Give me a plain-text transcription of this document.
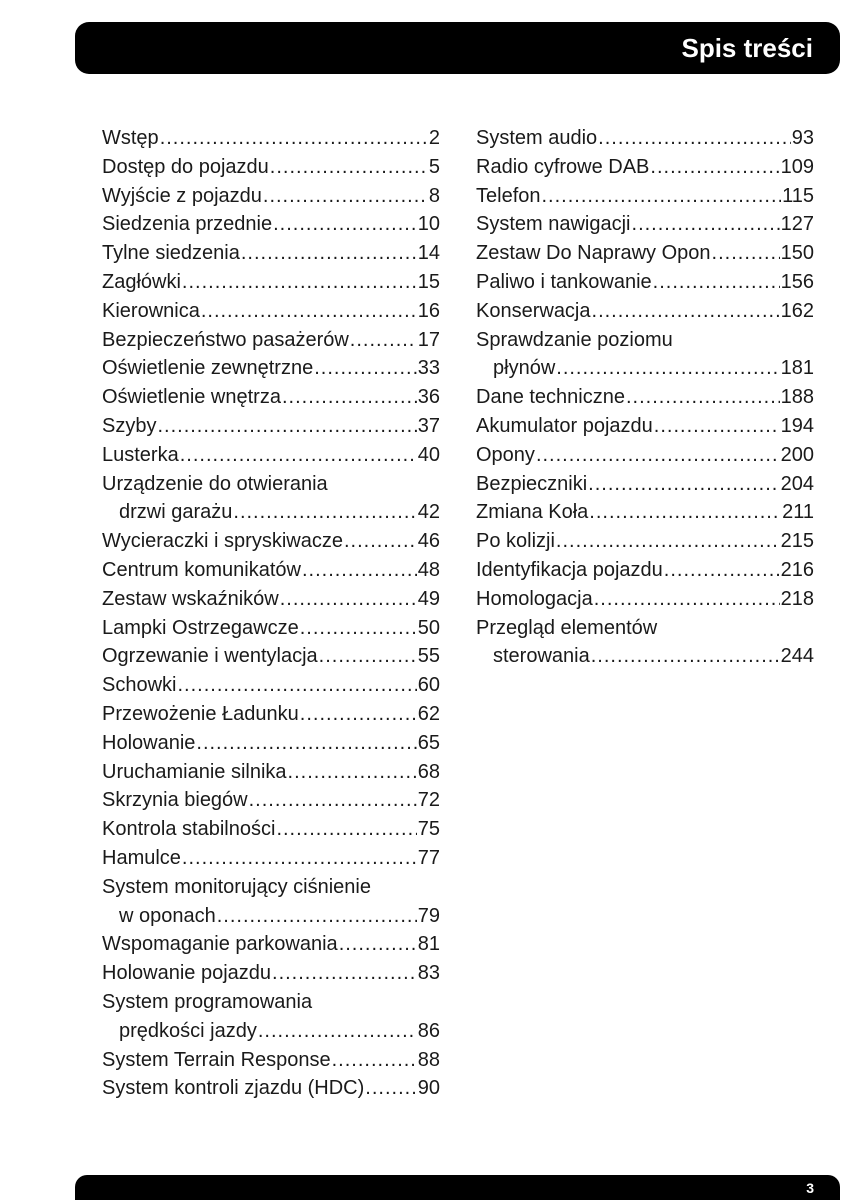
Spis treści
Wstęp .....	2
Dostęp do pojazdu .....	5
Wyjście z pojazdu .....	8
Siedzenia przednie .....	10
Tylne siedzenia .....	14
Zagłówki .....	15
Kierownica .....	16
Bezpieczeństwo pasażerów .....	17
Oświetlenie zewnętrzne .....	33
Oświetlenie wnętrza .....	36
Szyby .....	37
Lusterka .....	40
Urządzenie do otwierania
drzwi garażu .....	42
Wycieraczki i spryskiwacze .....	46
Centrum komunikatów .....	48
Zestaw wskaźników .....	49
Lampki Ostrzegawcze .....	50
Ogrzewanie i wentylacja .....	55
Schowki .....	60
Przewożenie Ładunku .....	62
Holowanie .....	65
Uruchamianie silnika .....	68
Skrzynia biegów .....	72
Kontrola stabilności .....	75
Hamulce .....	77
System monitorujący ciśnienie
w oponach .....	79
Wspomaganie parkowania .....	81
Holowanie pojazdu .....	83
System programowania
prędkości jazdy .....	86
System Terrain Response .....	88
System kontroli zjazdu (HDC) .....	90
System audio .....	93
Radio cyfrowe DAB .....	109
Telefon .....	115
System nawigacji .....	127
Zestaw Do Naprawy Opon .....	150
Paliwo i tankowanie .....	156
Konserwacja .....	162
Sprawdzanie poziomu
płynów .....	181
Dane techniczne .....	188
Akumulator pojazdu .....	194
Opony .....	200
Bezpieczniki .....	204
Zmiana Koła .....	211
Po kolizji .....	215
Identyfikacja pojazdu .....	216
Homologacja .....	218
Przegląd elementów
sterowania .....	244
3
